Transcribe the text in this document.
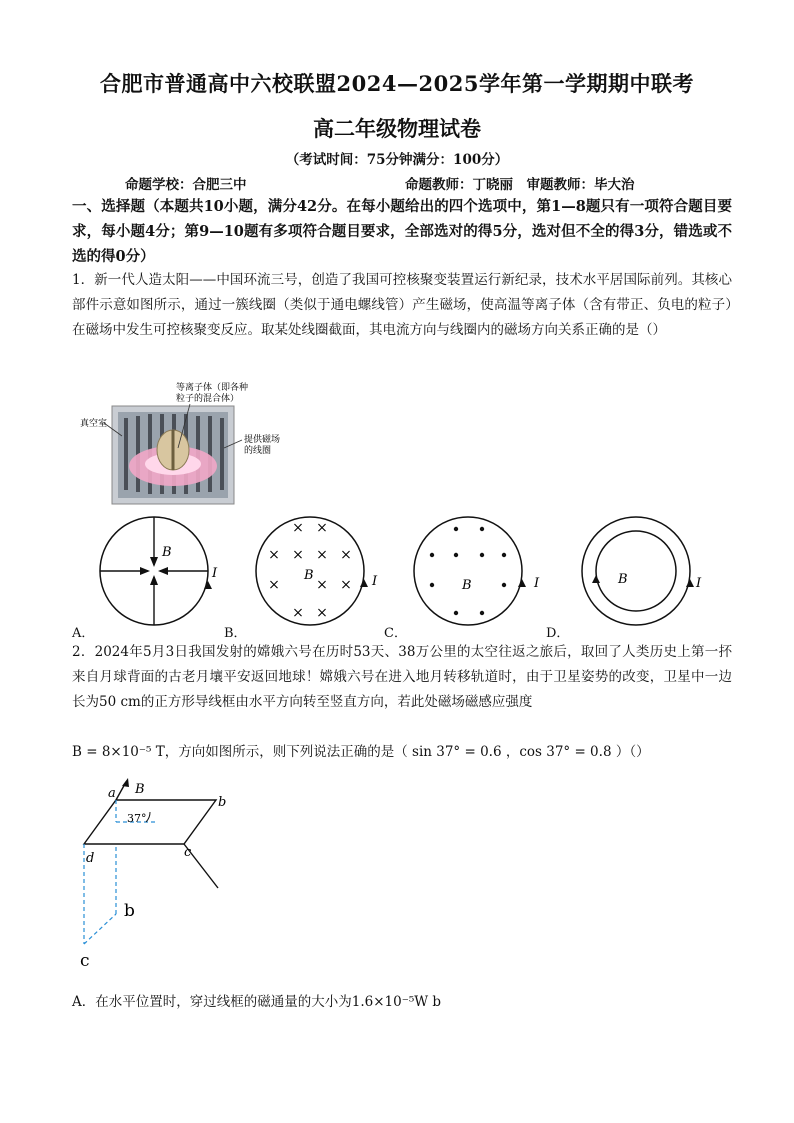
合肥市普通高中六校联盟2024—2025学年第一学期期中联考
高二年级物理试卷
（考试时间：75分钟满分：100分）
命题学校：合肥三中	命题教师：丁晓丽　审题教师：毕大治
一、选择题（本题共10小题，满分42分。在每小题给出的四个选项中，第1—8题只有一项符合题目要求，每小题4分；第9—10题有多项符合题目要求，全部选对的得5分，选对但不全的得3分，错选或不选的得0分）
1．新一代人造太阳——中国环流三号，创造了我国可控核聚变装置运行新纪录，技术水平居国际前列。其核心部件示意如图所示，通过一簇线圈（类似于通电螺线管）产生磁场，使高温等离子体（含有带正、负电的粒子）在磁场中发生可控核聚变反应。取某处线圈截面，其电流方向与线圈内的磁场方向关系正确的是（）
真空室
等离子体（即各种
粒子的混合体）
提供磁场
的线圈
B
I
× ×
× × × ×
×	× ×
× ×
B	I	B	I	B	I
A．	B．	C．	D．
2．2024年5月3日我国发射的嫦娥六号在历时53天、38万公里的太空往返之旅后，取回了人类历史上第一抔来自月球背面的古老月壤平安返回地球！嫦娥六号在进入地月转移轨道时，由于卫星姿势的改变，卫星中一边长为50 cm的正方形导线框由水平方向转至竖直方向，若此处磁场磁感应强度
B = 8×10⁻⁵ T，方向如图所示，则下列说法正确的是（ sin 37° = 0.6 ，cos 37° = 0.8 ）（）
a B
b
c
d
37°
b
c
A．在水平位置时，穿过线框的磁通量的大小为1.6×10⁻⁵W b
